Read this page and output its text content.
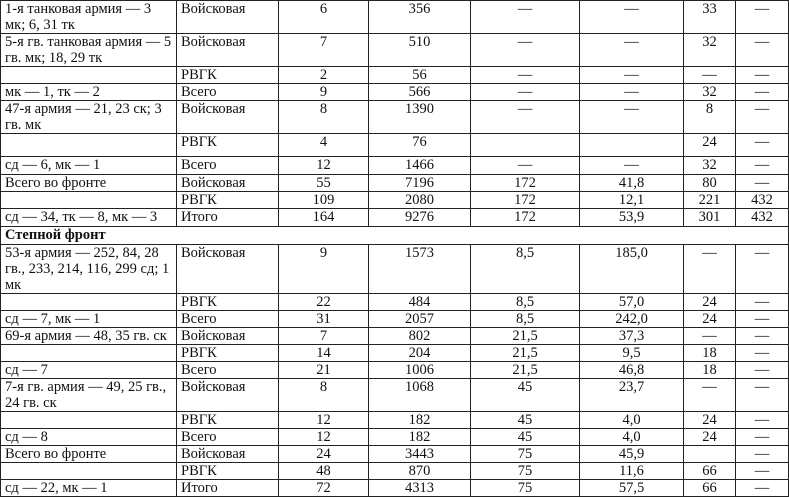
1-я танковая армия — 3 мк; 6, 31 тк	Войсковая	6	356	—	—	33	—
5-я гв. танковая армия — 5 гв. мк; 18, 29 тк	Войсковая	7	510	—	—	32	—
	РВГК	2	56	—	—	—	—
мк — 1, тк — 2	Всего	9	566	—	—	32	—
47-я армия — 21, 23 ск; 3 гв. мк	Войсковая	8	1390	—	—	8	—
	РВГК	4	76			24	—
сд — 6, мк — 1	Всего	12	1466	—	—	32	—
Всего во фронте	Войсковая	55	7196	172	41,8	80	—
	РВГК	109	2080	172	12,1	221	432
сд — 34, тк — 8, мк — 3	Итого	164	9276	172	53,9	301	432
Степной фронт							
53-я армия — 252, 84, 28 гв., 233, 214, 116, 299 сд; 1 мк	Войсковая	9	1573	8,5	185,0	—	—
	РВГК	22	484	8,5	57,0	24	—
сд — 7, мк — 1	Всего	31	2057	8,5	242,0	24	—
69-я армия — 48, 35 гв. ск	Войсковая	7	802	21,5	37,3	—	—
	РВГК	14	204	21,5	9,5	18	—
сд — 7	Всего	21	1006	21,5	46,8	18	—
7-я гв. армия — 49, 25 гв., 24 гв. ск	Войсковая	8	1068	45	23,7	—	—
	РВГК	12	182	45	4,0	24	—
сд — 8	Всего	12	182	45	4,0	24	—
Всего во фронте	Войсковая	24	3443	75	45,9		—
	РВГК	48	870	75	11,6	66	—
сд — 22, мк — 1	Итого	72	4313	75	57,5	66	—
